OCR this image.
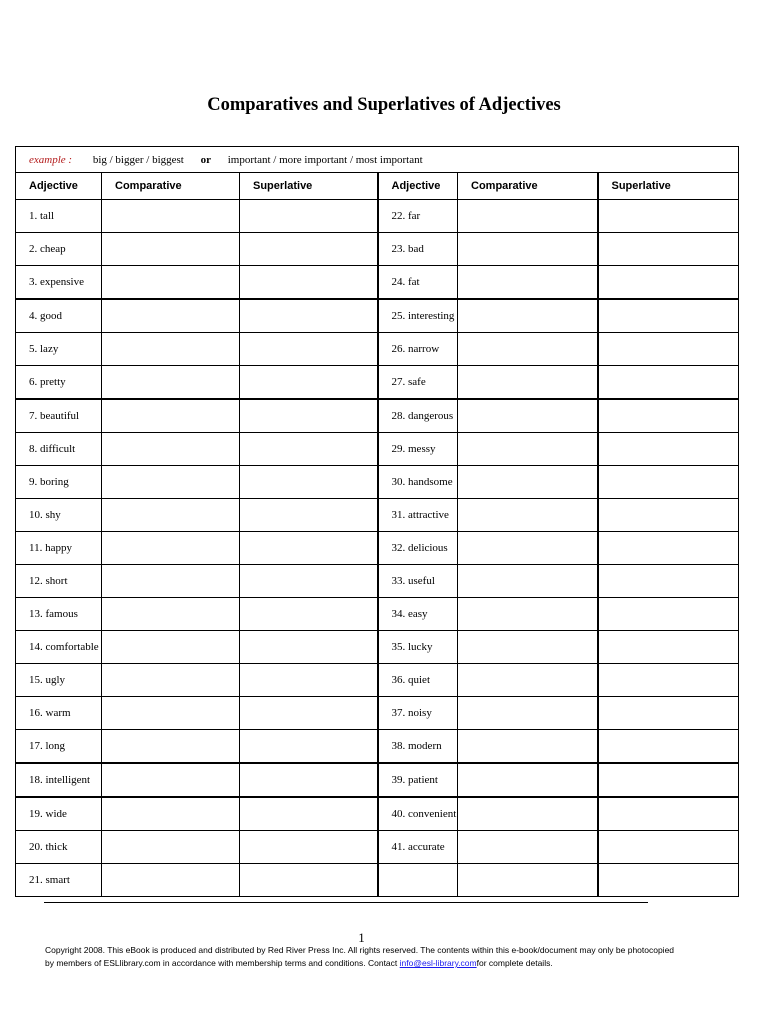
Comparatives and Superlatives of Adjectives
example : big / bigger / biggest or important / more important / most important					
Adjective	Comparative	Superlative	Adjective	Comparative	Superlative
1. tall			22. far		
2. cheap			23. bad		
3. expensive			24. fat		
4. good			25. interesting		
5. lazy			26. narrow		
6. pretty			27. safe		
7. beautiful			28. dangerous		
8. difficult			29. messy		
9. boring			30. handsome		
10. shy			31. attractive		
11. happy			32. delicious		
12. short			33. useful		
13. famous			34. easy		
14. comfortable			35. lucky		
15. ugly			36. quiet		
16. warm			37. noisy		
17. long			38. modern		
18. intelligent			39. patient		
19. wide			40. convenient		
20. thick			41. accurate		
21. smart					
1
Copyright 2008. This eBook is produced and distributed by Red River Press Inc. All rights reserved. The contents within this e-book/document may only be photocopied by members of ESLlibrary.com in accordance with membership terms and conditions. Contact info@esl-library.comfor complete details.
